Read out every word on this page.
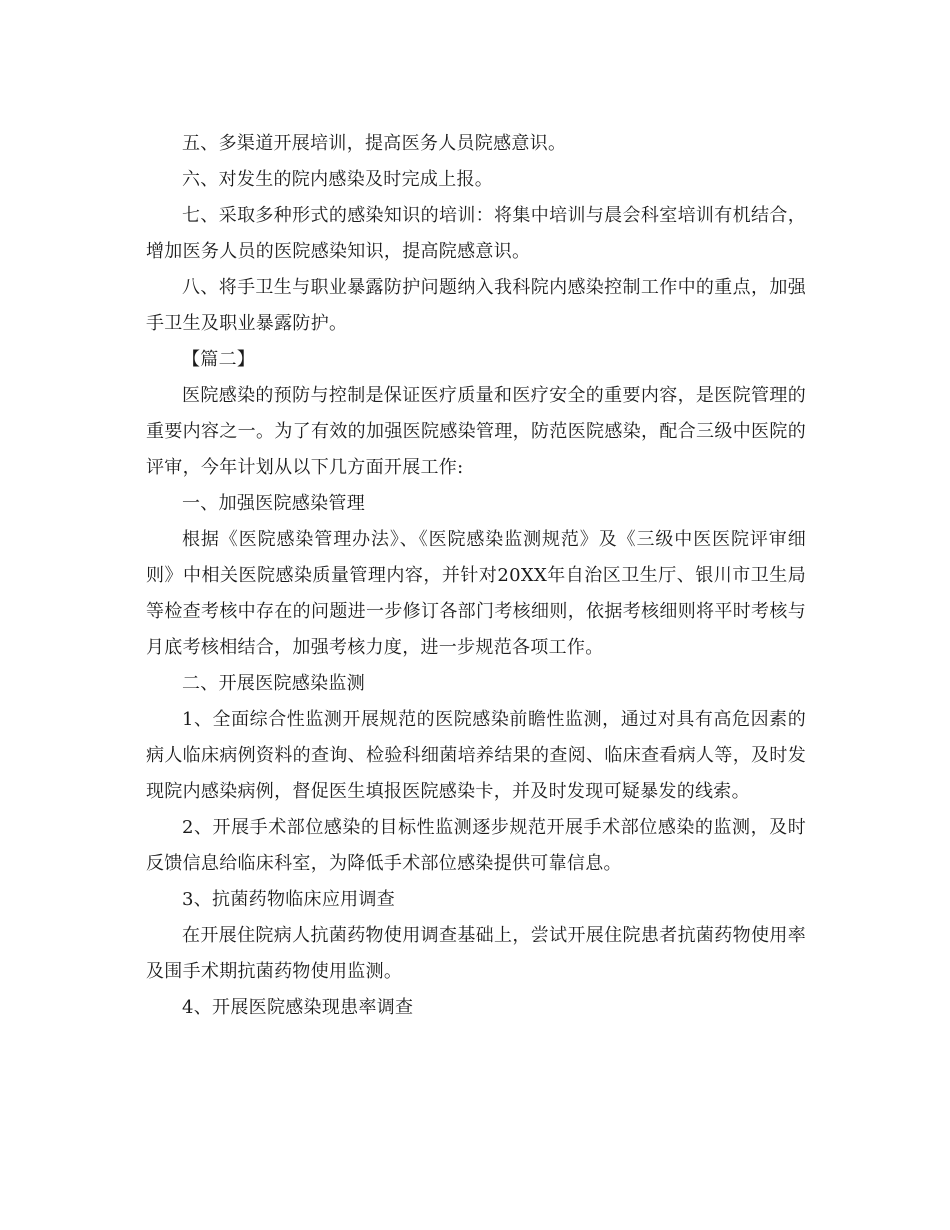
五、多渠道开展培训，提高医务人员院感意识。

六、对发生的院内感染及时完成上报。

七、采取多种形式的感染知识的培训：将集中培训与晨会科室培训有机结合，增加医务人员的医院感染知识，提高院感意识。

八、将手卫生与职业暴露防护问题纳入我科院内感染控制工作中的重点，加强手卫生及职业暴露防护。

【篇二】

医院感染的预防与控制是保证医疗质量和医疗安全的重要内容，是医院管理的重要内容之一。为了有效的加强医院感染管理，防范医院感染，配合三级中医院的评审，今年计划从以下几方面开展工作:

一、加强医院感染管理

根据《医院感染管理办法》、《医院感染监测规范》及《三级中医医院评审细则》中相关医院感染质量管理内容，并针对20XX年自治区卫生厅、银川市卫生局等检查考核中存在的问题进一步修订各部门考核细则，依据考核细则将平时考核与月底考核相结合，加强考核力度，进一步规范各项工作。

二、开展医院感染监测

1、全面综合性监测开展规范的医院感染前瞻性监测，通过对具有高危因素的病人临床病例资料的查询、检验科细菌培养结果的查阅、临床查看病人等，及时发现院内感染病例，督促医生填报医院感染卡，并及时发现可疑暴发的线索。

2、开展手术部位感染的目标性监测逐步规范开展手术部位感染的监测，及时反馈信息给临床科室，为降低手术部位感染提供可靠信息。

3、抗菌药物临床应用调查

在开展住院病人抗菌药物使用调查基础上，尝试开展住院患者抗菌药物使用率及围手术期抗菌药物使用监测。

4、开展医院感染现患率调查
